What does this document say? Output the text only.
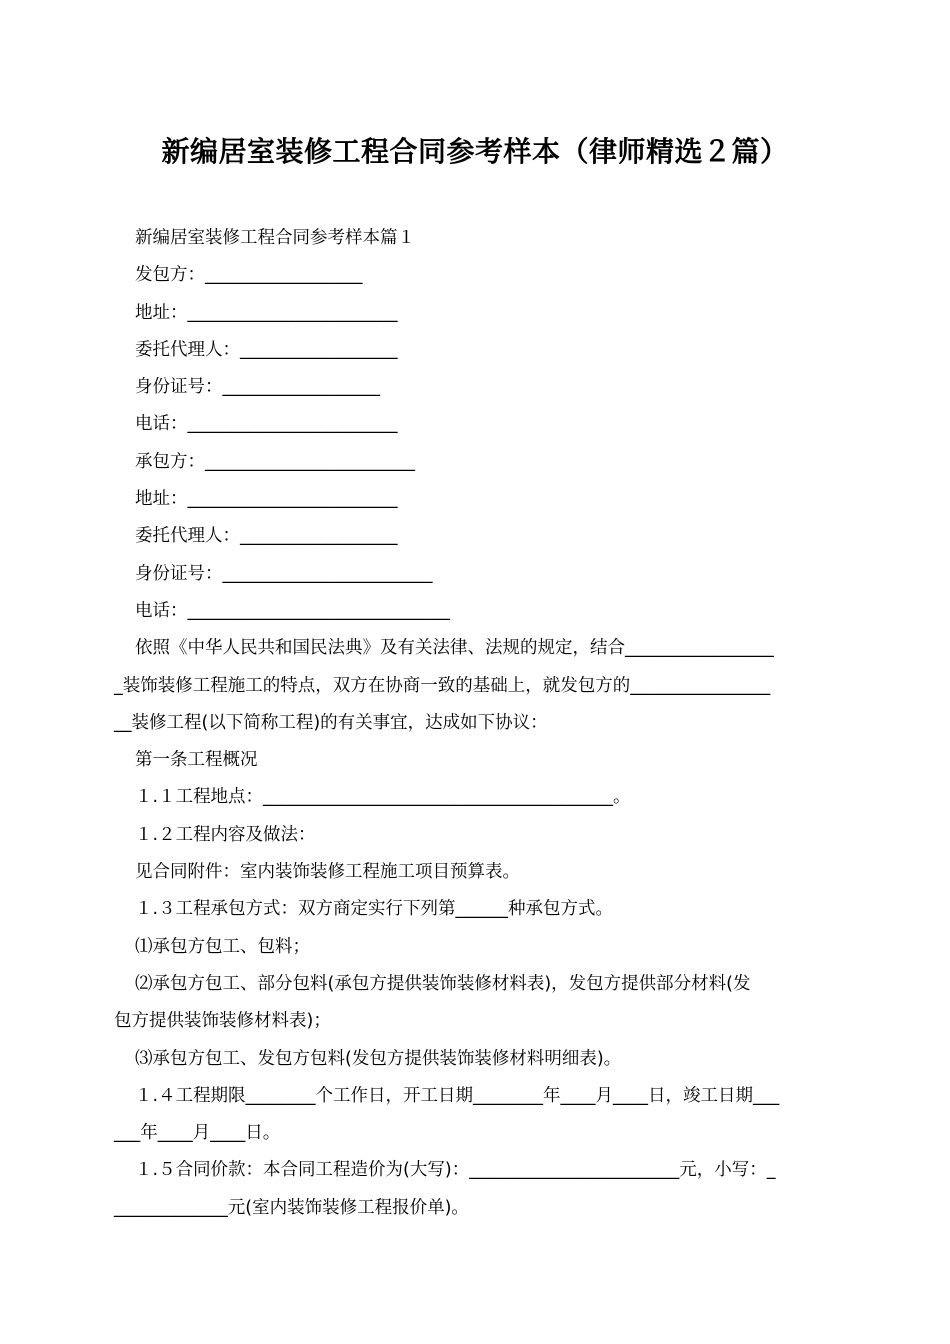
新编居室装修工程合同参考样本（律师精选２篇）
新编居室装修工程合同参考样本篇１
发包方：__________________
地址：________________________
委托代理人：__________________
身份证号：__________________
电话：________________________
承包方：________________________
地址：________________________
委托代理人：__________________
身份证号：________________________
电话：______________________________
依照《中华人民共和国民法典》及有关法律、法规的规定，结合_________________
_装饰装修工程施工的特点，双方在协商一致的基础上，就发包方的________________
__装修工程(以下简称工程)的有关事宜，达成如下协议：
第一条工程概况
１.１工程地点：________________________________________。
１.２工程内容及做法：
见合同附件：室内装饰装修工程施工项目预算表。
１.３工程承包方式：双方商定实行下列第______种承包方式。
⑴承包方包工、包料；
⑵承包方包工、部分包料(承包方提供装饰装修材料表)，发包方提供部分材料(发
包方提供装饰装修材料表)；
⑶承包方包工、发包方包料(发包方提供装饰装修材料明细表)。
１.４工程期限________个工作日，开工日期________年____月____日，竣工日期___
___年____月____日。
１.５合同价款：本合同工程造价为(大写)：________________________元，小写：_
_____________元(室内装饰装修工程报价单)。
